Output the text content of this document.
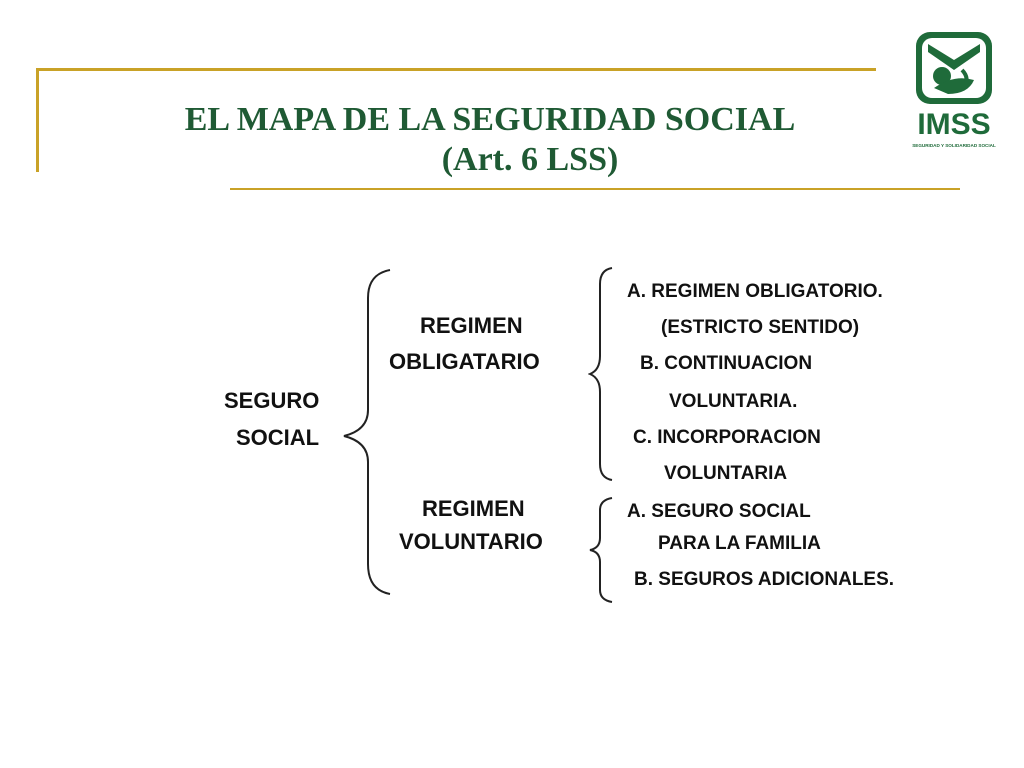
EL MAPA DE LA SEGURIDAD SOCIAL
(Art. 6 LSS)
IMSS
SEGURIDAD Y SOLIDARIDAD SOCIAL
SEGURO
SOCIAL
REGIMEN
OBLIGATARIO
REGIMEN
VOLUNTARIO
A. REGIMEN OBLIGATORIO.
(ESTRICTO SENTIDO)
B. CONTINUACION
VOLUNTARIA.
C. INCORPORACION
VOLUNTARIA
A. SEGURO SOCIAL
PARA LA FAMILIA
B. SEGUROS ADICIONALES.
